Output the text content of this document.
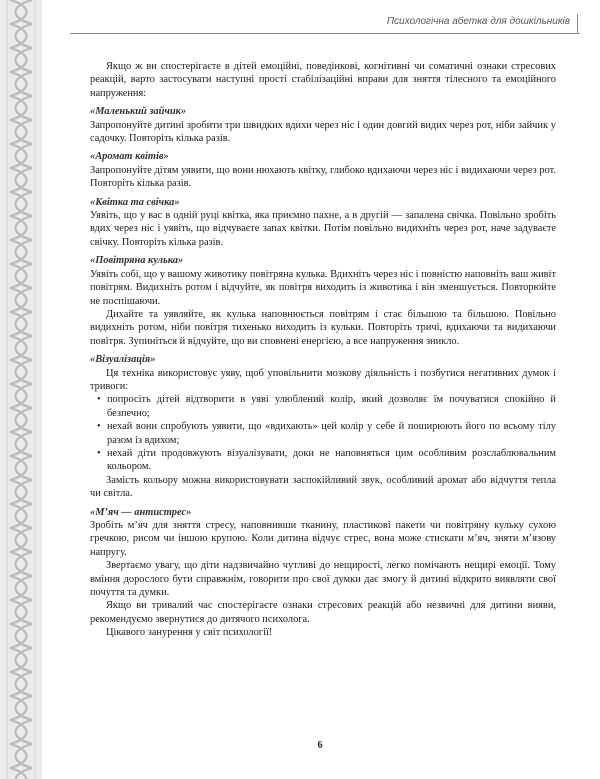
Психологічна абетка для дошкільників

Якщо ж ви спостерігаєте в дітей емоційні, поведінкові, когнітивні чи соматичні ознаки стресових реакцій, варто застосувати наступні прості стабілізаційні вправи для зняття тілесного та емоційного напруження:

«Маленький зайчик»

Запропонуйте дитині зробити три швидких вдихи через ніс і один довгий видих через рот, ніби зайчик у садочку. Повторіть кілька разів.

«Аромат квітів»

Запропонуйте дітям уявити, що вони нюхають квітку, глибоко вдихаючи через ніс і видихаючи через рот. Повторіть кілька разів.

«Квітка та свічка»

Уявіть, що у вас в одній руці квітка, яка приємно пахне, а в другій — запалена свічка. Повільно зробіть вдих через ніс і уявіть, що відчуваєте запах квітки. Потім повільно видихніть через рот, наче задуваєте свічку. Повторіть кілька разів.

«Повітряна кулька»

Уявіть собі, що у вашому животику повітряна кулька. Вдихніть через ніс і повністю наповніть ваш живіт повітрям. Видихніть ротом і відчуйте, як повітря виходить із животика і він зменшується. Повторюйте не поспішаючи.

Дихайте та уявляйте, як кулька наповнюється повітрям і стає більшою та більшою. Повільно видихніть ротом, ніби повітря тихенько виходить із кульки. Повторіть тричі, вдихаючи та видихаючи повітря. Зупиніться й відчуйте, що ви сповнені енергією, а все напруження зникло.

«Візуалізація»

Ця техніка використовує уяву, щоб уповільнити мозкову діяльність і позбутися негативних думок і тривоги:

• попросіть дітей відтворити в уяві улюблений колір, який дозволяє їм почуватися спокійно й безпечно;
• нехай вони спробують уявити, що «вдихають» цей колір у себе й поширюють його по всьому тілу разом із вдихом;
• нехай діти продовжують візуалізувати, доки не наповняться цим особливим розслаблювальним кольором.

Замість кольору можна використовувати заспокійливий звук, особливий аромат або відчуття тепла чи світла.

«М’яч — антистрес»

Зробіть м’яч для зняття стресу, наповнивши тканину, пластикові пакети чи повітряну кульку сухою гречкою, рисом чи іншою крупою. Коли дитина відчує стрес, вона може стискати м’яч, зняти м’язову напругу.

Звертаємо увагу, що діти надзвичайно чутливі до нещирості, легко помічають нещирі емоції. Тому вміння дорослого бути справжнім, говорити про свої думки дає змогу й дитині відкрито виявляти свої почуття та думки.

Якщо ви тривалий час спостерігаєте ознаки стресових реакцій або незвичні для дитини вияви, рекомендуємо звернутися до дитячого психолога.

Цікавого занурення у світ психології!

6
